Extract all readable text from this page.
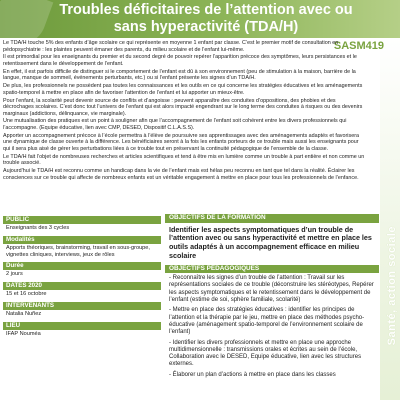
Troubles déficitaires de l’attention avec ou sans hyperactivité (TDA/H)
Santé, action sociale
SASM419

Le TDA/H touche 5% des enfants d’âge scolaire ce qui représente en moyenne 1 enfant par classe. C’est le premier motif de consultation en pédopsychiatrie : les plaintes peuvent émaner des parents, du milieu scolaire et de l’enfant lui-même.

Il est primordial pour les enseignants du premier et du second degré de pouvoir repérer l’apparition précoce des symptômes, leurs persistances et le retentissement dans le développement de l’enfant.

En effet, il est parfois difficile de distinguer si le comportement de l’enfant est dû à son environnement (peu de stimulation à la maison, barrière de la langue, manque de sommeil, événements perturbants, etc.) ou si l’enfant présente les signes d’un TDA/H.

De plus, les professionnels ne possèdent pas toutes les connaissances et les outils en ce qui concerne les stratégies éducatives et les aménagements spatio-temporel à mettre en place afin de favoriser l’attention de l’enfant et lui apporter un mieux-être.

Pour l’enfant, la scolarité peut devenir source de conflits et d’angoisse : peuvent apparaître des conduites d’oppositions, des phobies et des décrochages scolaires. C’est donc tout l’univers de l’enfant qui est alors impacté engendrant sur le long terme des conduites à risques ou des devenirs marginaux (addictions, délinquance, vie marginale).

Une mutualisation des pratiques est un point à souligner afin que l’accompagnement de l’enfant soit cohérent entre les divers professionnels qui l’accompagne. (Equipe éducative, lien avec CMP, DESED, Dispositif C.L.A.S.S).

Apporter un accompagnement précoce à l’école permettra à l’élève de poursuivre ses apprentissages avec des aménagements adaptés et favorisera une dynamique de classe ouverte à la différence. Les bénéficiaires seront à la fois les enfants porteurs de ce trouble mais aussi les enseignants pour qui il sera plus aisé de gérer les perturbations liées à ce trouble tout en préservant la continuité pédagogique de l’ensemble de la classe.

Le TDA/H fait l’objet de nombreuses recherches et articles scientifiques et tend à être mis en lumière comme un trouble à part entière et non comme un trouble associé.

Aujourd’hui le TDA/H est reconnu comme un handicap dans la vie de l’enfant mais est hélas peu reconnu en tant que tel dans la réalité. Éclairer les consciences sur ce trouble qui affecte de nombreux enfants est un véritable engagement à mettre en place pour tous les professionnels de l’enfance.

PUBLIC
Enseignants des 3 cycles
Modalités
Apports théoriques, brainstorming, travail en sous-groupe, vignettes cliniques, interviews, jeux de rôles
Durée
2 jours
DATES 2020
15 et 16 octobre
INTERVENANTS
Natalia Nuñez
LIEU
IFAP Nouméa
OBJECTIFS DE LA FORMATION
Identifier les aspects symptomatiques d’un trouble de l’attention avec ou sans hyperactivité et mettre en place les outils adaptés à un accompagnement efficace en milieu scolaire
OBJECTIFS PÉDAGOGIQUES
- Reconnaître les signes d’un trouble de l’attention : Travail sur les représentations sociales de ce trouble (déconstruire les stéréotypes, Repérer les aspects symptomatiques et le retentissement dans le développement de l’enfant (estime de soi, sphère familiale, scolarité)
- Mettre en place des stratégies éducatives : identifier les principes de l’attention et la thérapie par le jeu, mettre en place des méthodes psycho-éducative (aménagement spatio-temporel de l’environnement scolaire de l’enfant)
- Identifier les divers professionnels et mettre en place une approche multidimensionnelle : transmissions orales et écrites au sein de l’école, Collaboration avec le DESED, Equipe éducative, lien avec les structures externes.
- Élaborer un plan d’actions à mettre en place dans les classes
